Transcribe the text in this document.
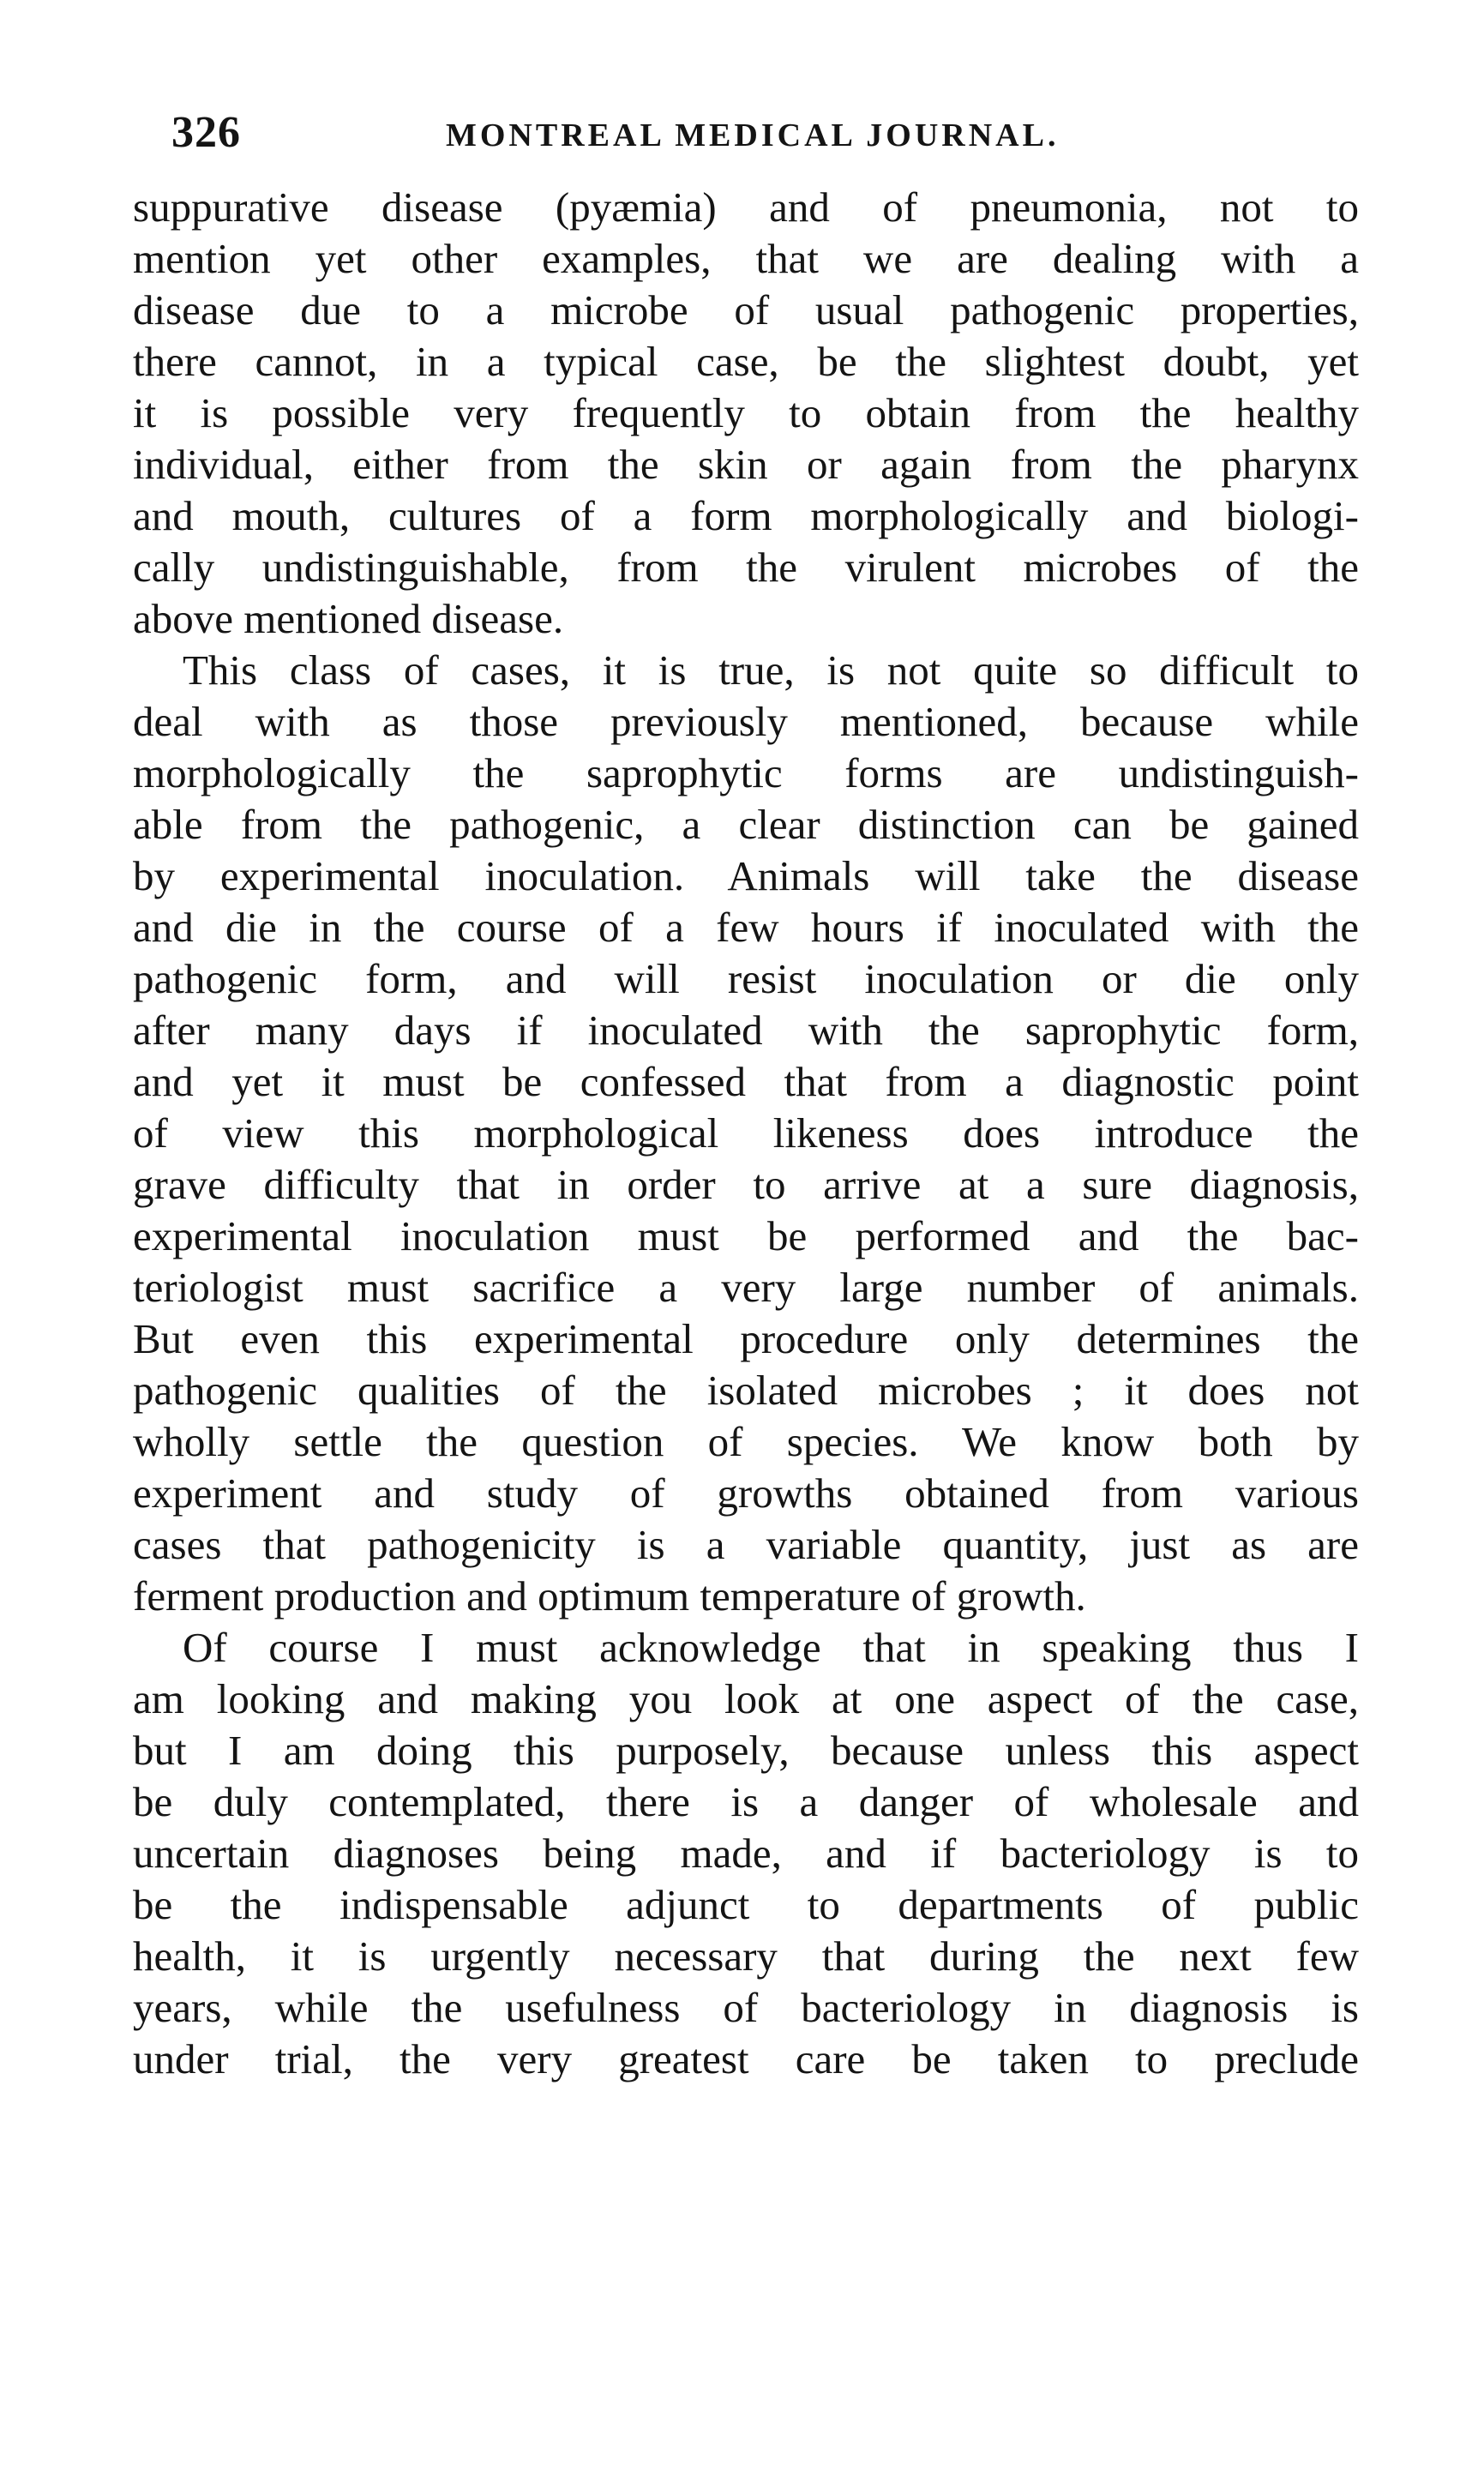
326	MONTREAL MEDICAL JOURNAL.
suppurative disease (pyæmia) and of pneumonia, not to
mention yet other examples, that we are dealing with a
disease due to a microbe of usual pathogenic properties,
there cannot, in a typical case, be the slightest doubt, yet
it is possible very frequently to obtain from the healthy
individual, either from the skin or again from the pharynx
and mouth, cultures of a form morphologically and biologi-
cally undistinguishable, from the virulent microbes of the
above mentioned disease.
This class of cases, it is true, is not quite so difficult to
deal with as those previously mentioned, because while
morphologically the saprophytic forms are undistinguish-
able from the pathogenic, a clear distinction can be gained
by experimental inoculation. Animals will take the disease
and die in the course of a few hours if inoculated with the
pathogenic form, and will resist inoculation or die only
after many days if inoculated with the saprophytic form,
and yet it must be confessed that from a diagnostic point
of view this morphological likeness does introduce the
grave difficulty that in order to arrive at a sure diagnosis,
experimental inoculation must be performed and the bac-
teriologist must sacrifice a very large number of animals.
But even this experimental procedure only determines the
pathogenic qualities of the isolated microbes ; it does not
wholly settle the question of species. We know both by
experiment and study of growths obtained from various
cases that pathogenicity is a variable quantity, just as are
ferment production and optimum temperature of growth.
Of course I must acknowledge that in speaking thus I
am looking and making you look at one aspect of the case,
but I am doing this purposely, because unless this aspect
be duly contemplated, there is a danger of wholesale and
uncertain diagnoses being made, and if bacteriology is to
be the indispensable adjunct to departments of public
health, it is urgently necessary that during the next few
years, while the usefulness of bacteriology in diagnosis is
under trial, the very greatest care be taken to preclude
